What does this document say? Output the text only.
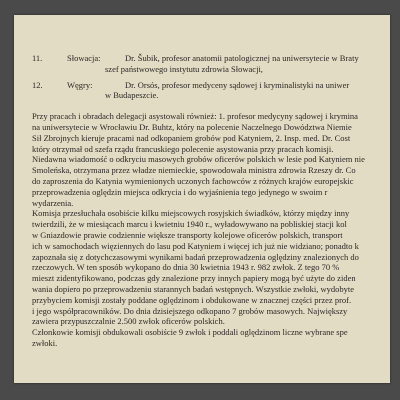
11.	Słowacja:	Dr. Šubik, profesor anatomii patologicznej na uniwersytecie w Braty
szef państwowego instytutu zdrowia Słowacji,
12.	Węgry:	Dr. Orsós, profesor medyceny sądowej i kryminalistyki na uniwer
w Budapeszcie.
Przy pracach i obradach delegacji asystowali również: 1. profesor medycyny sądowej i krymina
na uniwersytecie w Wrocławiu Dr. Buhtz, który na polecenie Naczelnego Dowództwa Niemie
Sił Zbrojnych kieruje pracami nad odkopaniem grobów pod Katyniem, 2. Insp. med. Dr. Cost
który otrzymał od szefa rządu francuskiego polecenie asystowania przy pracach komisji.
Niedawna wiadomość o odkryciu masowych grobów oficerów polskich w lesie pod Katyniem nie
Smoleńska, otrzymana przez władze niemieckie, spowodowała ministra zdrowia Rzeszy dr. Co
do zaproszenia do Katynia wymienionych uczonych fachowców z różnych krajów europejskic
przeprowadzenia oględzin miejsca odkrycia i do wyjaśnienia tego jedynego w swoim r
wydarzenia.
Komisja przesłuchała osobiście kilku miejscowych rosyjskich świadków, którzy między inny
twierdzili, że w miesiącach marcu i kwietniu 1940 r., wyładowywano na pobliskiej stacji kol
w Gniazdowie prawie codziennie większe transporty kolejowe oficerów polskich, transport
ich w samochodach więziennych do lasu pod Katyniem i więcej ich już nie widziano; ponadto k
zapoznała się z dotychczasowymi wynikami badań przeprowadzenia oględziny znalezionych do
rzeczowych. W ten sposób wykopano do dnia 30 kwietnia 1943 r. 982 zwłok. Z tego 70 %
mieszt zidentyfikowano, podczas gdy znalezione przy innych papiery mogą być użyte do ziden
wania dopiero po przeprowadzeniu starannych badań wstępnych. Wszystkie zwłoki, wydobyte
przybyciem komisji zostały poddane oględzinom i obdukowane w znacznej części przez prof.
i jego współpracowników. Do dnia dzisiejszego odkopano 7 grobów masowych. Największy
zawiera przypuszczalnie 2.500 zwłok oficerów polskich.
Członkowie komisji obdukowali osobiście 9 zwłok i poddali oględzinom liczne wybrane spe
zwłoki.
